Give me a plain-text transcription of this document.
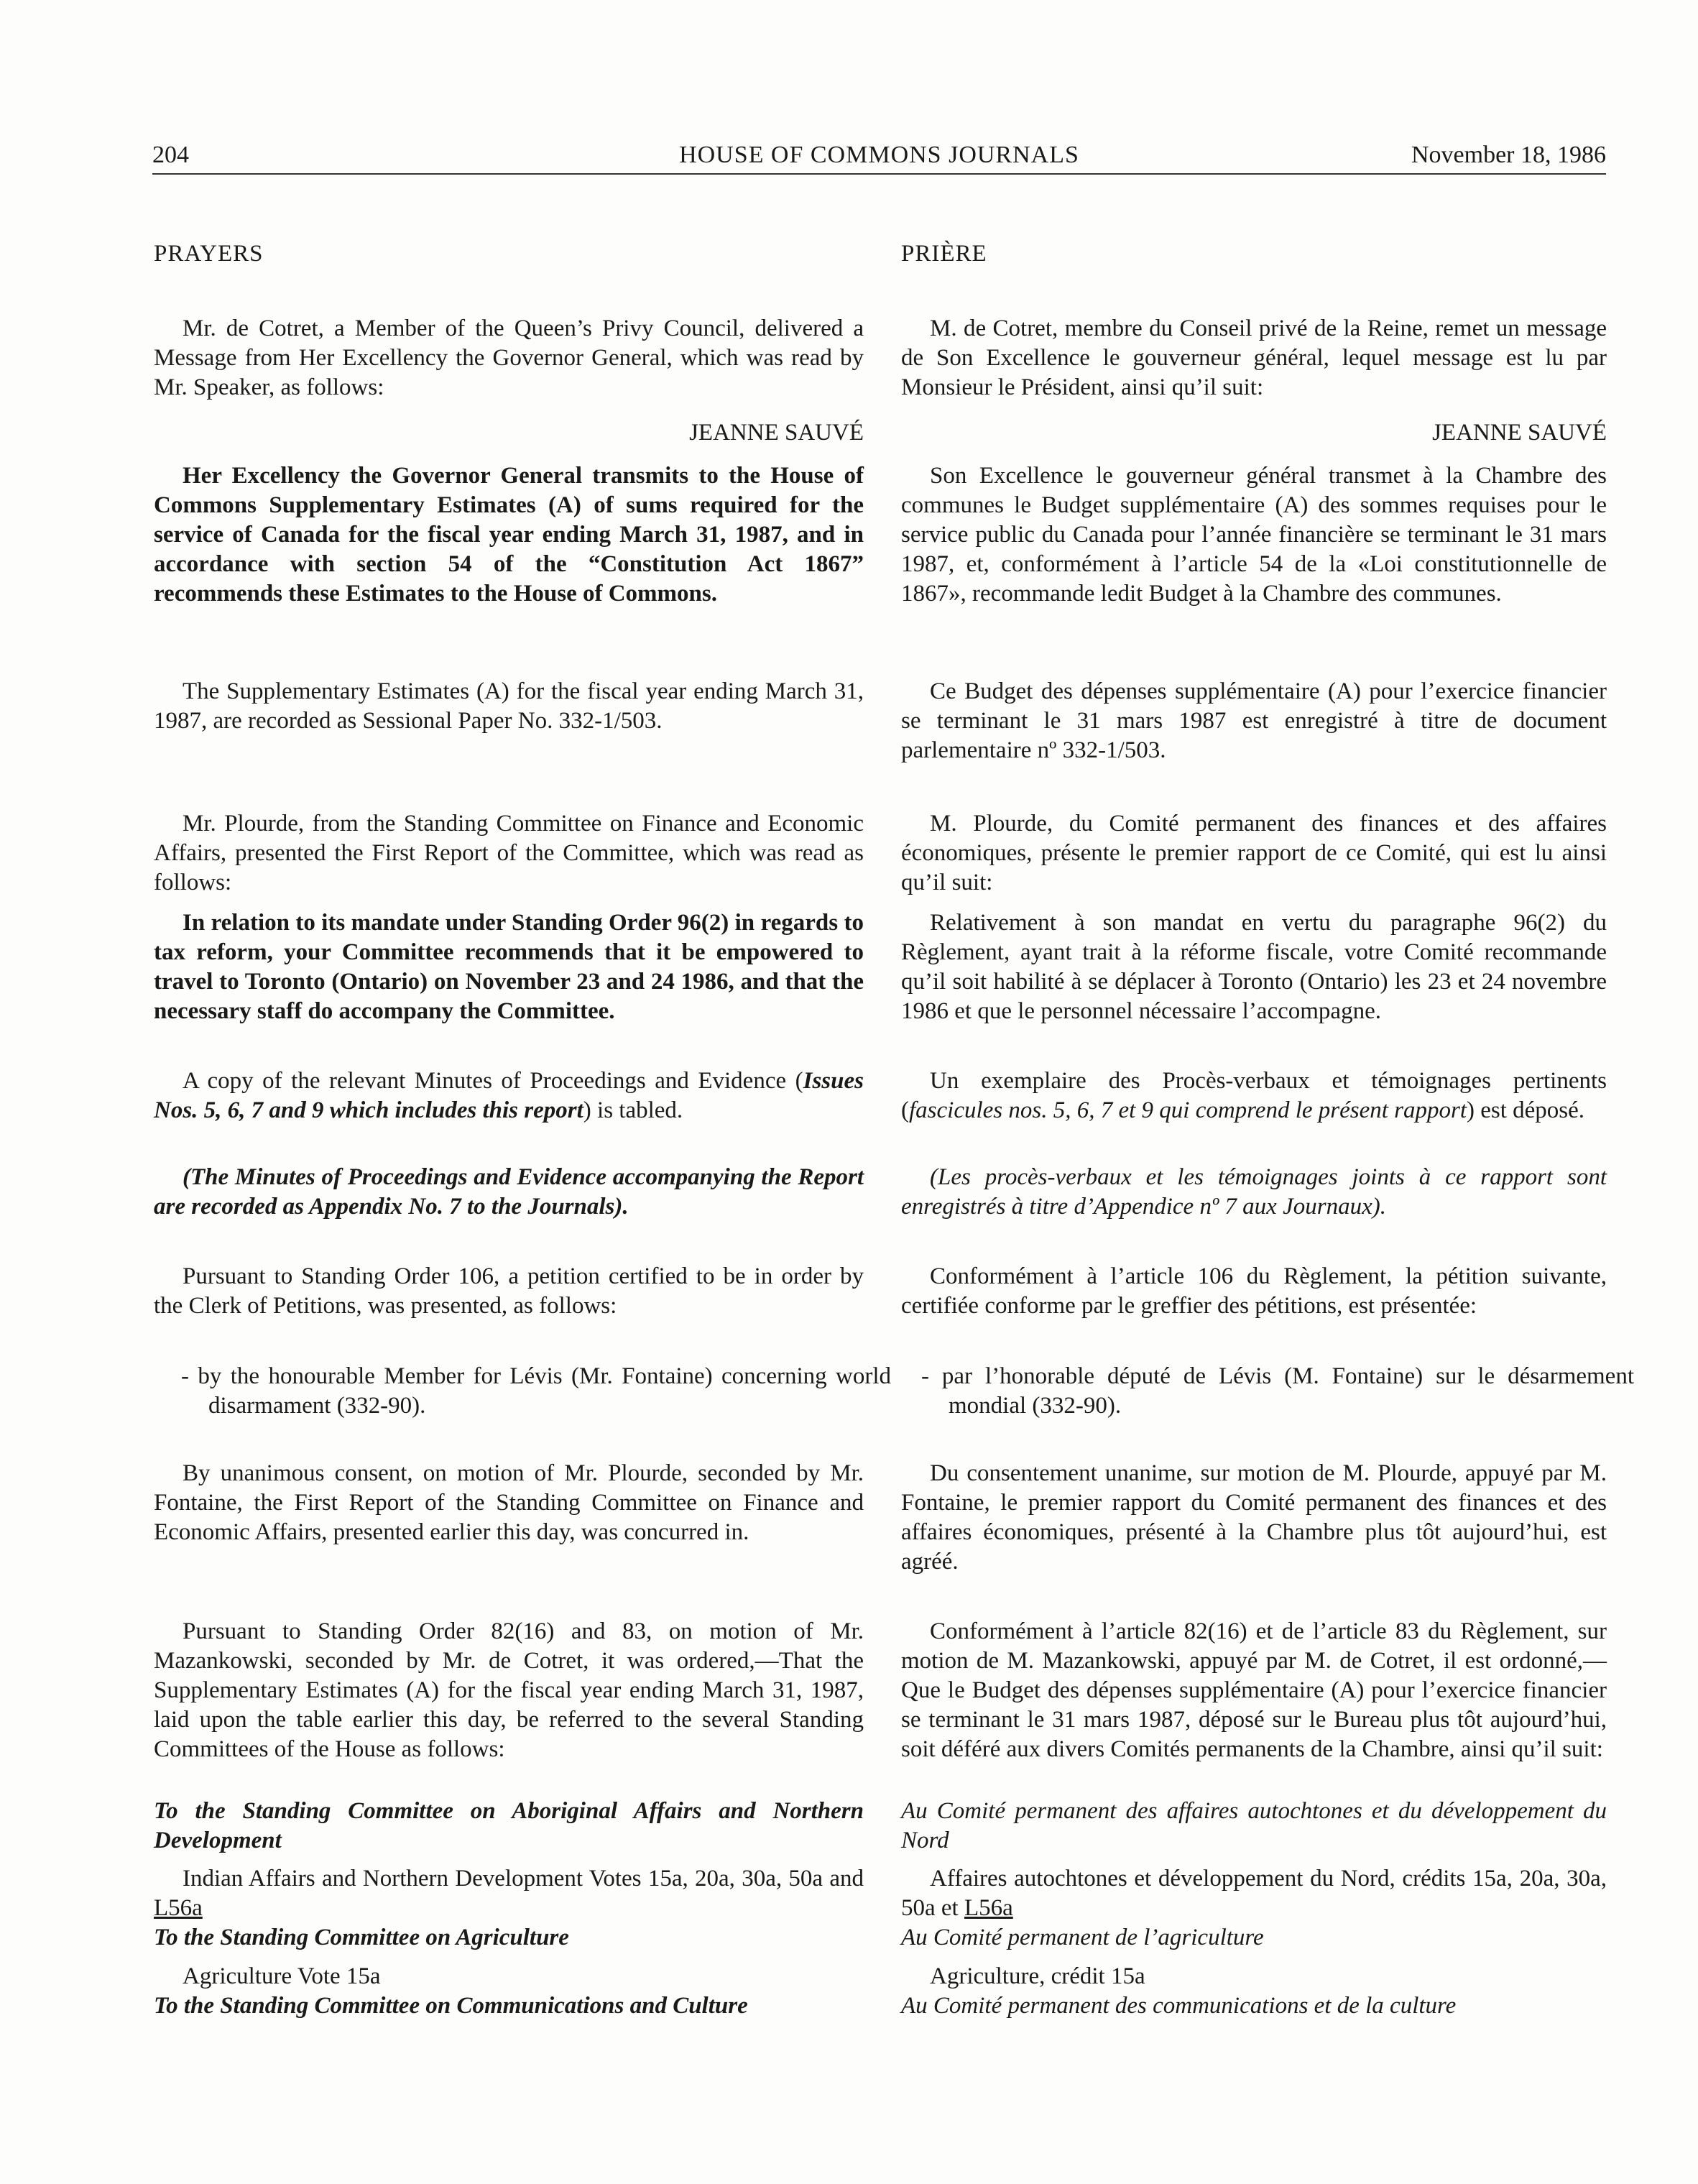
HOUSE OF COMMONS JOURNALS
204	November 18, 1986

PRAYERS

Mr. de Cotret, a Member of the Queen’s Privy Council, delivered a Message from Her Excellency the Governor General, which was read by Mr. Speaker, as follows:

JEANNE SAUVÉ

Her Excellency the Governor General transmits to the House of Commons Supplementary Estimates (A) of sums required for the service of Canada for the fiscal year ending March 31, 1987, and in accordance with section 54 of the “Constitution Act 1867” recommends these Estimates to the House of Commons.

The Supplementary Estimates (A) for the fiscal year ending March 31, 1987, are recorded as Sessional Paper No. 332-1/503.

Mr. Plourde, from the Standing Committee on Finance and Economic Affairs, presented the First Report of the Committee, which was read as follows:

In relation to its mandate under Standing Order 96(2) in regards to tax reform, your Committee recommends that it be empowered to travel to Toronto (Ontario) on November 23 and 24 1986, and that the necessary staff do accompany the Committee.

A copy of the relevant Minutes of Proceedings and Evidence (Issues Nos. 5, 6, 7 and 9 which includes this report) is tabled.

(The Minutes of Proceedings and Evidence accompanying the Report are recorded as Appendix No. 7 to the Journals).

Pursuant to Standing Order 106, a petition certified to be in order by the Clerk of Petitions, was presented, as follows:

- by the honourable Member for Lévis (Mr. Fontaine) concerning world disarmament (332-90).

By unanimous consent, on motion of Mr. Plourde, seconded by Mr. Fontaine, the First Report of the Standing Committee on Finance and Economic Affairs, presented earlier this day, was concurred in.

Pursuant to Standing Order 82(16) and 83, on motion of Mr. Mazankowski, seconded by Mr. de Cotret, it was ordered,—That the Supplementary Estimates (A) for the fiscal year ending March 31, 1987, laid upon the table earlier this day, be referred to the several Standing Committees of the House as follows:

To the Standing Committee on Aboriginal Affairs and Northern Development

Indian Affairs and Northern Development Votes 15a, 20a, 30a, 50a and L56a

To the Standing Committee on Agriculture

Agriculture Vote 15a

To the Standing Committee on Communications and Culture

PRIÈRE

M. de Cotret, membre du Conseil privé de la Reine, remet un message de Son Excellence le gouverneur général, lequel message est lu par Monsieur le Président, ainsi qu’il suit:

JEANNE SAUVÉ

Son Excellence le gouverneur général transmet à la Chambre des communes le Budget supplémentaire (A) des sommes requises pour le service public du Canada pour l’année financière se terminant le 31 mars 1987, et, conformément à l’article 54 de la «Loi constitutionnelle de 1867», recommande ledit Budget à la Chambre des communes.

Ce Budget des dépenses supplémentaire (A) pour l’exercice financier se terminant le 31 mars 1987 est enregistré à titre de document parlementaire nº 332-1/503.

M. Plourde, du Comité permanent des finances et des affaires économiques, présente le premier rapport de ce Comité, qui est lu ainsi qu’il suit:

Relativement à son mandat en vertu du paragraphe 96(2) du Règlement, ayant trait à la réforme fiscale, votre Comité recommande qu’il soit habilité à se déplacer à Toronto (Ontario) les 23 et 24 novembre 1986 et que le personnel nécessaire l’accompagne.

Un exemplaire des Procès-verbaux et témoignages pertinents (fascicules nos. 5, 6, 7 et 9 qui comprend le présent rapport) est déposé.

(Les procès-verbaux et les témoignages joints à ce rapport sont enregistrés à titre d’Appendice nº 7 aux Journaux).

Conformément à l’article 106 du Règlement, la pétition suivante, certifiée conforme par le greffier des pétitions, est présentée:

- par l’honorable député de Lévis (M. Fontaine) sur le désarmement mondial (332-90).

Du consentement unanime, sur motion de M. Plourde, appuyé par M. Fontaine, le premier rapport du Comité permanent des finances et des affaires économiques, présenté à la Chambre plus tôt aujourd’hui, est agréé.

Conformément à l’article 82(16) et de l’article 83 du Règlement, sur motion de M. Mazankowski, appuyé par M. de Cotret, il est ordonné,—Que le Budget des dépenses supplémentaire (A) pour l’exercice financier se terminant le 31 mars 1987, déposé sur le Bureau plus tôt aujourd’hui, soit déféré aux divers Comités permanents de la Chambre, ainsi qu’il suit:

Au Comité permanent des affaires autochtones et du développement du Nord

Affaires autochtones et développement du Nord, crédits 15a, 20a, 30a, 50a et L56a

Au Comité permanent de l’agriculture

Agriculture, crédit 15a

Au Comité permanent des communications et de la culture
